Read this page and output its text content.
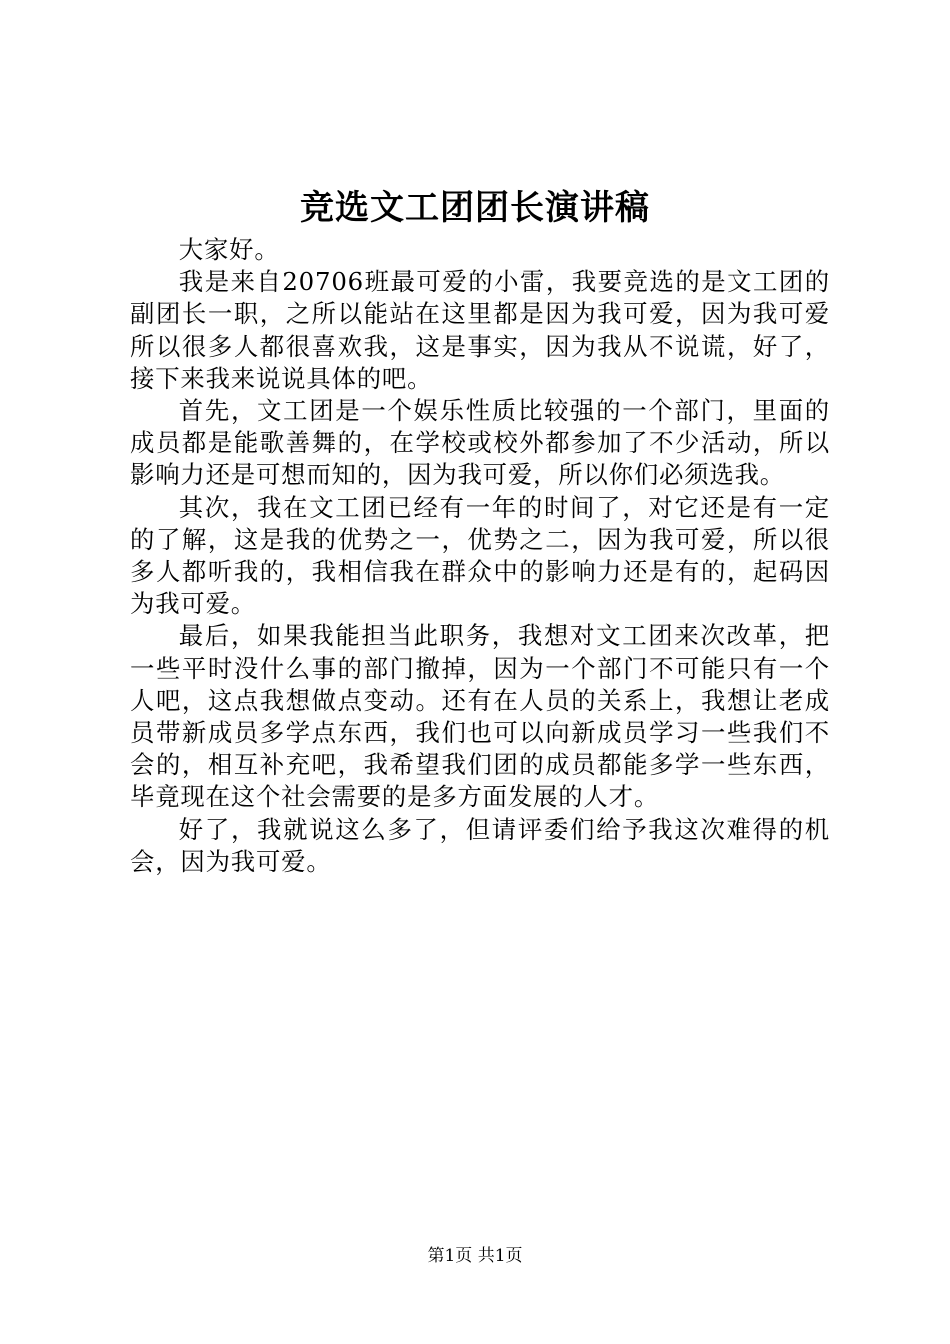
竞选文工团团长演讲稿

大家好。

我是来自20706班最可爱的小雷，我要竞选的是文工团的副团长一职，之所以能站在这里都是因为我可爱，因为我可爱所以很多人都很喜欢我，这是事实，因为我从不说谎，好了，接下来我来说说具体的吧。

首先，文工团是一个娱乐性质比较强的一个部门，里面的成员都是能歌善舞的，在学校或校外都参加了不少活动，所以影响力还是可想而知的，因为我可爱，所以你们必须选我。

其次，我在文工团已经有一年的时间了，对它还是有一定的了解，这是我的优势之一，优势之二，因为我可爱，所以很多人都听我的，我相信我在群众中的影响力还是有的，起码因为我可爱。

最后，如果我能担当此职务，我想对文工团来次改革，把一些平时没什么事的部门撤掉，因为一个部门不可能只有一个人吧，这点我想做点变动。还有在人员的关系上，我想让老成员带新成员多学点东西，我们也可以向新成员学习一些我们不会的，相互补充吧，我希望我们团的成员都能多学一些东西，毕竟现在这个社会需要的是多方面发展的人才。

好了，我就说这么多了，但请评委们给予我这次难得的机会，因为我可爱。

第1页 共1页
